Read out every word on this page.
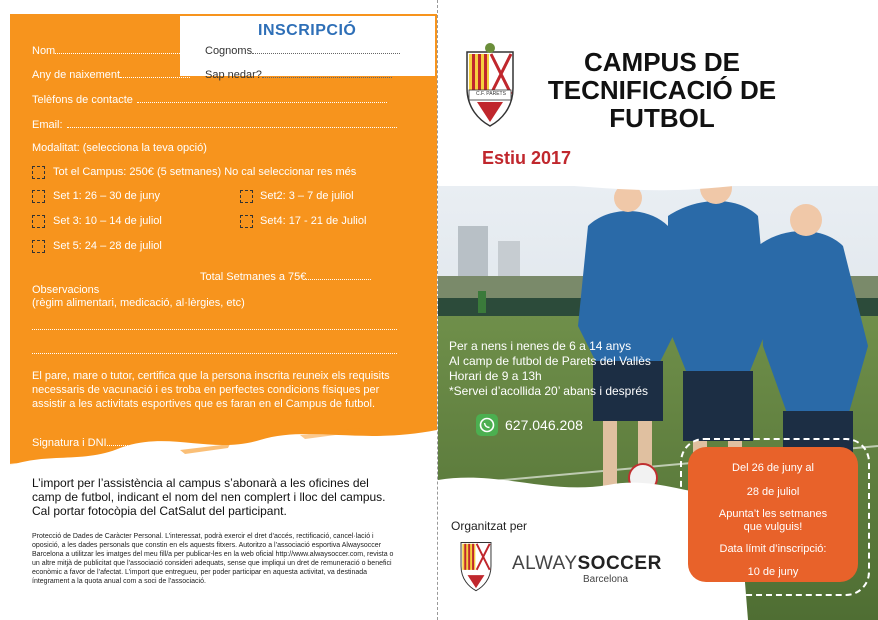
INSCRIPCIÓ
Nom	Cognoms
Any de naixement	Sap nedar?
Telèfons de contacte
Email:
Modalitat: (selecciona la teva opció)
Tot el Campus: 250€ (5 setmanes) No cal seleccionar res més
Set 1: 26 – 30 de juny	Set2: 3 – 7 de juliol
Set 3: 10 – 14 de juliol	Set4: 17 - 21 de Juliol
Set 5: 24 – 28 de juliol
Total Setmanes a 75€
Observacions
(règim alimentari, medicació, al·lèrgies, etc)
El pare, mare o tutor, certifica que la persona inscrita reuneix els requisits necessaris de vacunació i es troba en perfectes condicions físiques per assistir a les activitats esportives que es faran en el Campus de futbol.
Signatura i DNI
L’import per l’assistència al campus s’abonarà a les oficines del camp de futbol, indicant el nom del nen complert i lloc del campus. Cal portar fotocòpia del CatSalut del participant.
Protecció de Dades de Caràcter Personal. L’interessat, podrà exercir el dret d’accés, rectificació, cancel·lació i oposició, a les dades personals que constin en els aquests fitxers. Autoritzo a l’associació esportiva Alwaysoccer Barcelona a utilitzar les imatges del meu fill/a per publicar-les en la web oficial http://www.alwaysoccer.com, revista o un altre mitjà de publicitat que l’associació consideri adequats, sense que impliqui un dret de remuneració o benefici econòmic a favor de l’afectat. L’import que entregueu, per poder participar en aquesta activitat, va destinada íntegrament a la quota anual com a soci de l’associació.
C.F. PARETS
CAMPUS DE
TECNIFICACIÓ DE
FUTBOL
Estiu 2017
Per a nens i nenes de 6 a 14 anys
Al camp de futbol de Parets del Vallès
Horari de 9 a 13h
*Servei d’acollida 20’ abans i després
627.046.208
Del 26 de juny al
28 de juliol
Apunta’t les setmanes
que vulguis!
Data límit d’inscripció:
10 de juny
Organitzat per
ALWAYSOCCER
Barcelona
